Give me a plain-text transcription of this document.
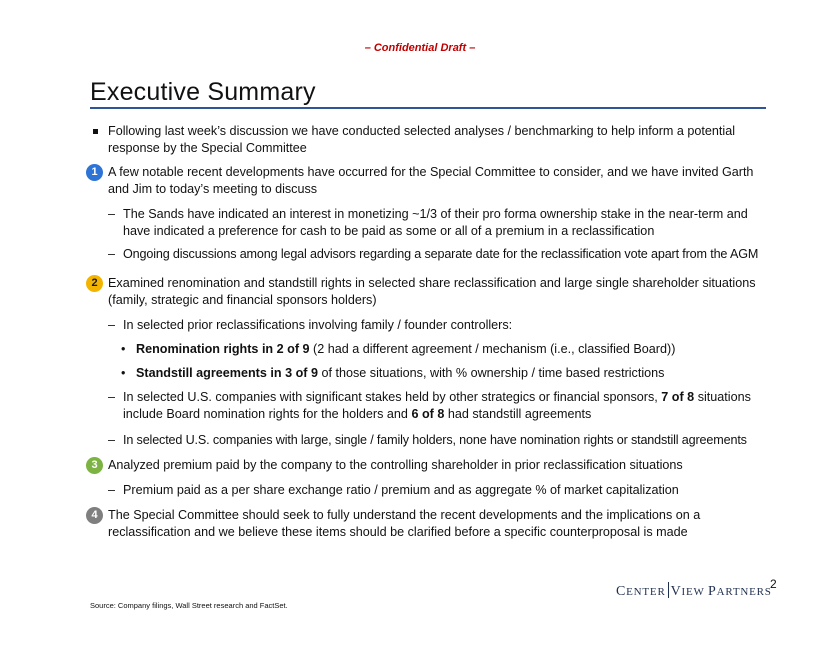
– Confidential Draft –
Executive Summary
Following last week’s discussion we have conducted selected analyses / benchmarking to help inform a potential response by the Special Committee
1 A few notable recent developments have occurred for the Special Committee to consider, and we have invited Garth and Jim to today’s meeting to discuss
– The Sands have indicated an interest in monetizing ~1/3 of their pro forma ownership stake in the near-term and have indicated a preference for cash to be paid as some or all of a premium in a reclassification
– Ongoing discussions among legal advisors regarding a separate date for the reclassification vote apart from the AGM
2 Examined renomination and standstill rights in selected share reclassification and large single shareholder situations (family, strategic and financial sponsors holders)
– In selected prior reclassifications involving family / founder controllers:
• Renomination rights in 2 of 9 (2 had a different agreement / mechanism (i.e., classified Board))
• Standstill agreements in 3 of 9 of those situations, with % ownership / time based restrictions
– In selected U.S. companies with significant stakes held by other strategics or financial sponsors, 7 of 8 situations include Board nomination rights for the holders and 6 of 8 had standstill agreements
– In selected U.S. companies with large, single / family holders, none have nomination rights or standstill agreements
3 Analyzed premium paid by the company to the controlling shareholder in prior reclassification situations
– Premium paid as a per share exchange ratio / premium and as aggregate % of market capitalization
4 The Special Committee should seek to fully understand the recent developments and the implications on a reclassification and we believe these items should be clarified before a specific counterproposal is made
CENTER VIEW PARTNERS
2
Source: Company filings, Wall Street research and FactSet.
